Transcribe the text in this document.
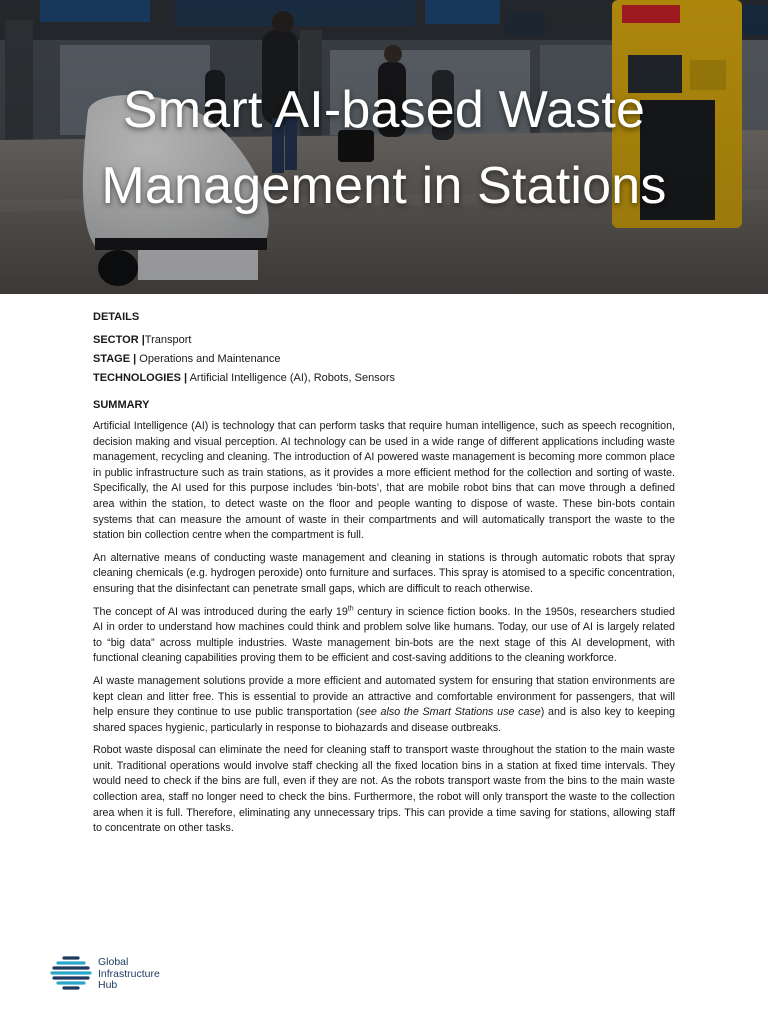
Smart AI-based Waste
Management in Stations
DETAILS
SECTOR |Transport
STAGE | Operations and Maintenance
TECHNOLOGIES | Artificial Intelligence (AI), Robots, Sensors
SUMMARY

Artificial Intelligence (AI) is technology that can perform tasks that require human intelligence, such as speech recognition, decision making and visual perception. AI technology can be used in a wide range of different applications including waste management, recycling and cleaning. The introduction of AI powered waste management is becoming more common place in public infrastructure such as train stations, as it provides a more efficient method for the collection and sorting of waste. Specifically, the AI used for this purpose includes ‘bin-bots’, that are mobile robot bins that can move through a defined area within the station, to detect waste on the floor and people wanting to dispose of waste. These bin-bots contain systems that can measure the amount of waste in their compartments and will automatically transport the waste to the station bin collection centre when the compartment is full.

An alternative means of conducting waste management and cleaning in stations is through automatic robots that spray cleaning chemicals (e.g. hydrogen peroxide) onto furniture and surfaces. This spray is atomised to a specific concentration, ensuring that the disinfectant can penetrate small gaps, which are difficult to reach otherwise.

The concept of AI was introduced during the early 19th century in science fiction books. In the 1950s, researchers studied AI in order to understand how machines could think and problem solve like humans. Today, our use of AI is largely related to “big data” across multiple industries. Waste management bin-bots are the next stage of this AI development, with functional cleaning capabilities proving them to be efficient and cost-saving additions to the cleaning workforce.

AI waste management solutions provide a more efficient and automated system for ensuring that station environments are kept clean and litter free. This is essential to provide an attractive and comfortable environment for passengers, that will help ensure they continue to use public transportation (see also the Smart Stations use case) and is also key to keeping shared spaces hygienic, particularly in response to biohazards and disease outbreaks.

Robot waste disposal can eliminate the need for cleaning staff to transport waste throughout the station to the main waste unit. Traditional operations would involve staff checking all the fixed location bins in a station at fixed time intervals. They would need to check if the bins are full, even if they are not. As the robots transport waste from the bins to the main waste collection area, staff no longer need to check the bins. Furthermore, the robot will only transport the waste to the collection area when it is full. Therefore, eliminating any unnecessary trips. This can provide a time saving for stations, allowing staff to concentrate on other tasks.

Global
Infrastructure
Hub
